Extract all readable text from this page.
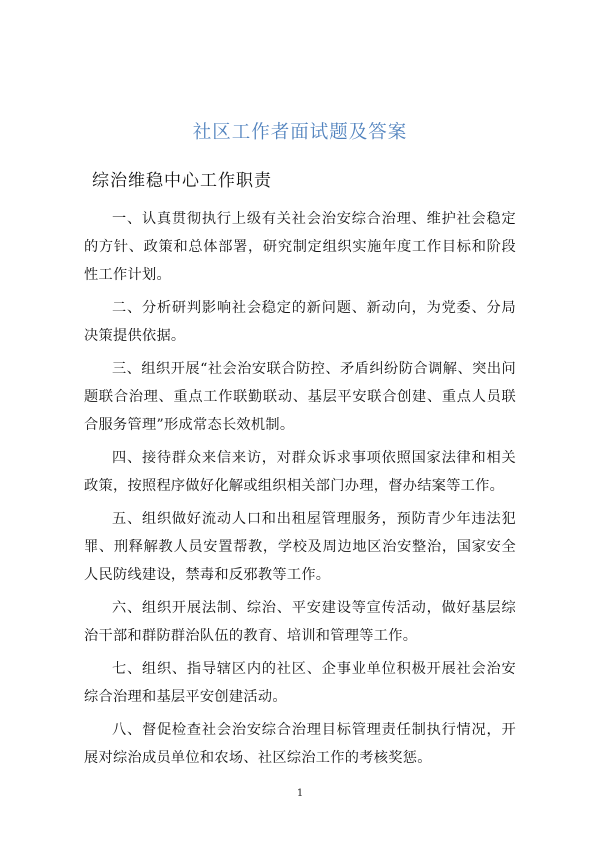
社区工作者面试题及答案
综治维稳中心工作职责

一、认真贯彻执行上级有关社会治安综合治理、维护社会稳定的方针、政策和总体部署，研究制定组织实施年度工作目标和阶段性工作计划。

二、分析研判影响社会稳定的新问题、新动向，为党委、分局决策提供依据。

三、组织开展“社会治安联合防控、矛盾纠纷防合调解、突出问题联合治理、重点工作联勤联动、基层平安联合创建、重点人员联合服务管理”形成常态长效机制。

四、接待群众来信来访，对群众诉求事项依照国家法律和相关政策，按照程序做好化解或组织相关部门办理，督办结案等工作。

五、组织做好流动人口和出租屋管理服务，预防青少年违法犯罪、刑释解教人员安置帮教，学校及周边地区治安整治，国家安全人民防线建设，禁毒和反邪教等工作。

六、组织开展法制、综治、平安建设等宣传活动，做好基层综治干部和群防群治队伍的教育、培训和管理等工作。

七、组织、指导辖区内的社区、企事业单位积极开展社会治安综合治理和基层平安创建活动。

八、督促检查社会治安综合治理目标管理责任制执行情况，开展对综治成员单位和农场、社区综治工作的考核奖惩。

1
